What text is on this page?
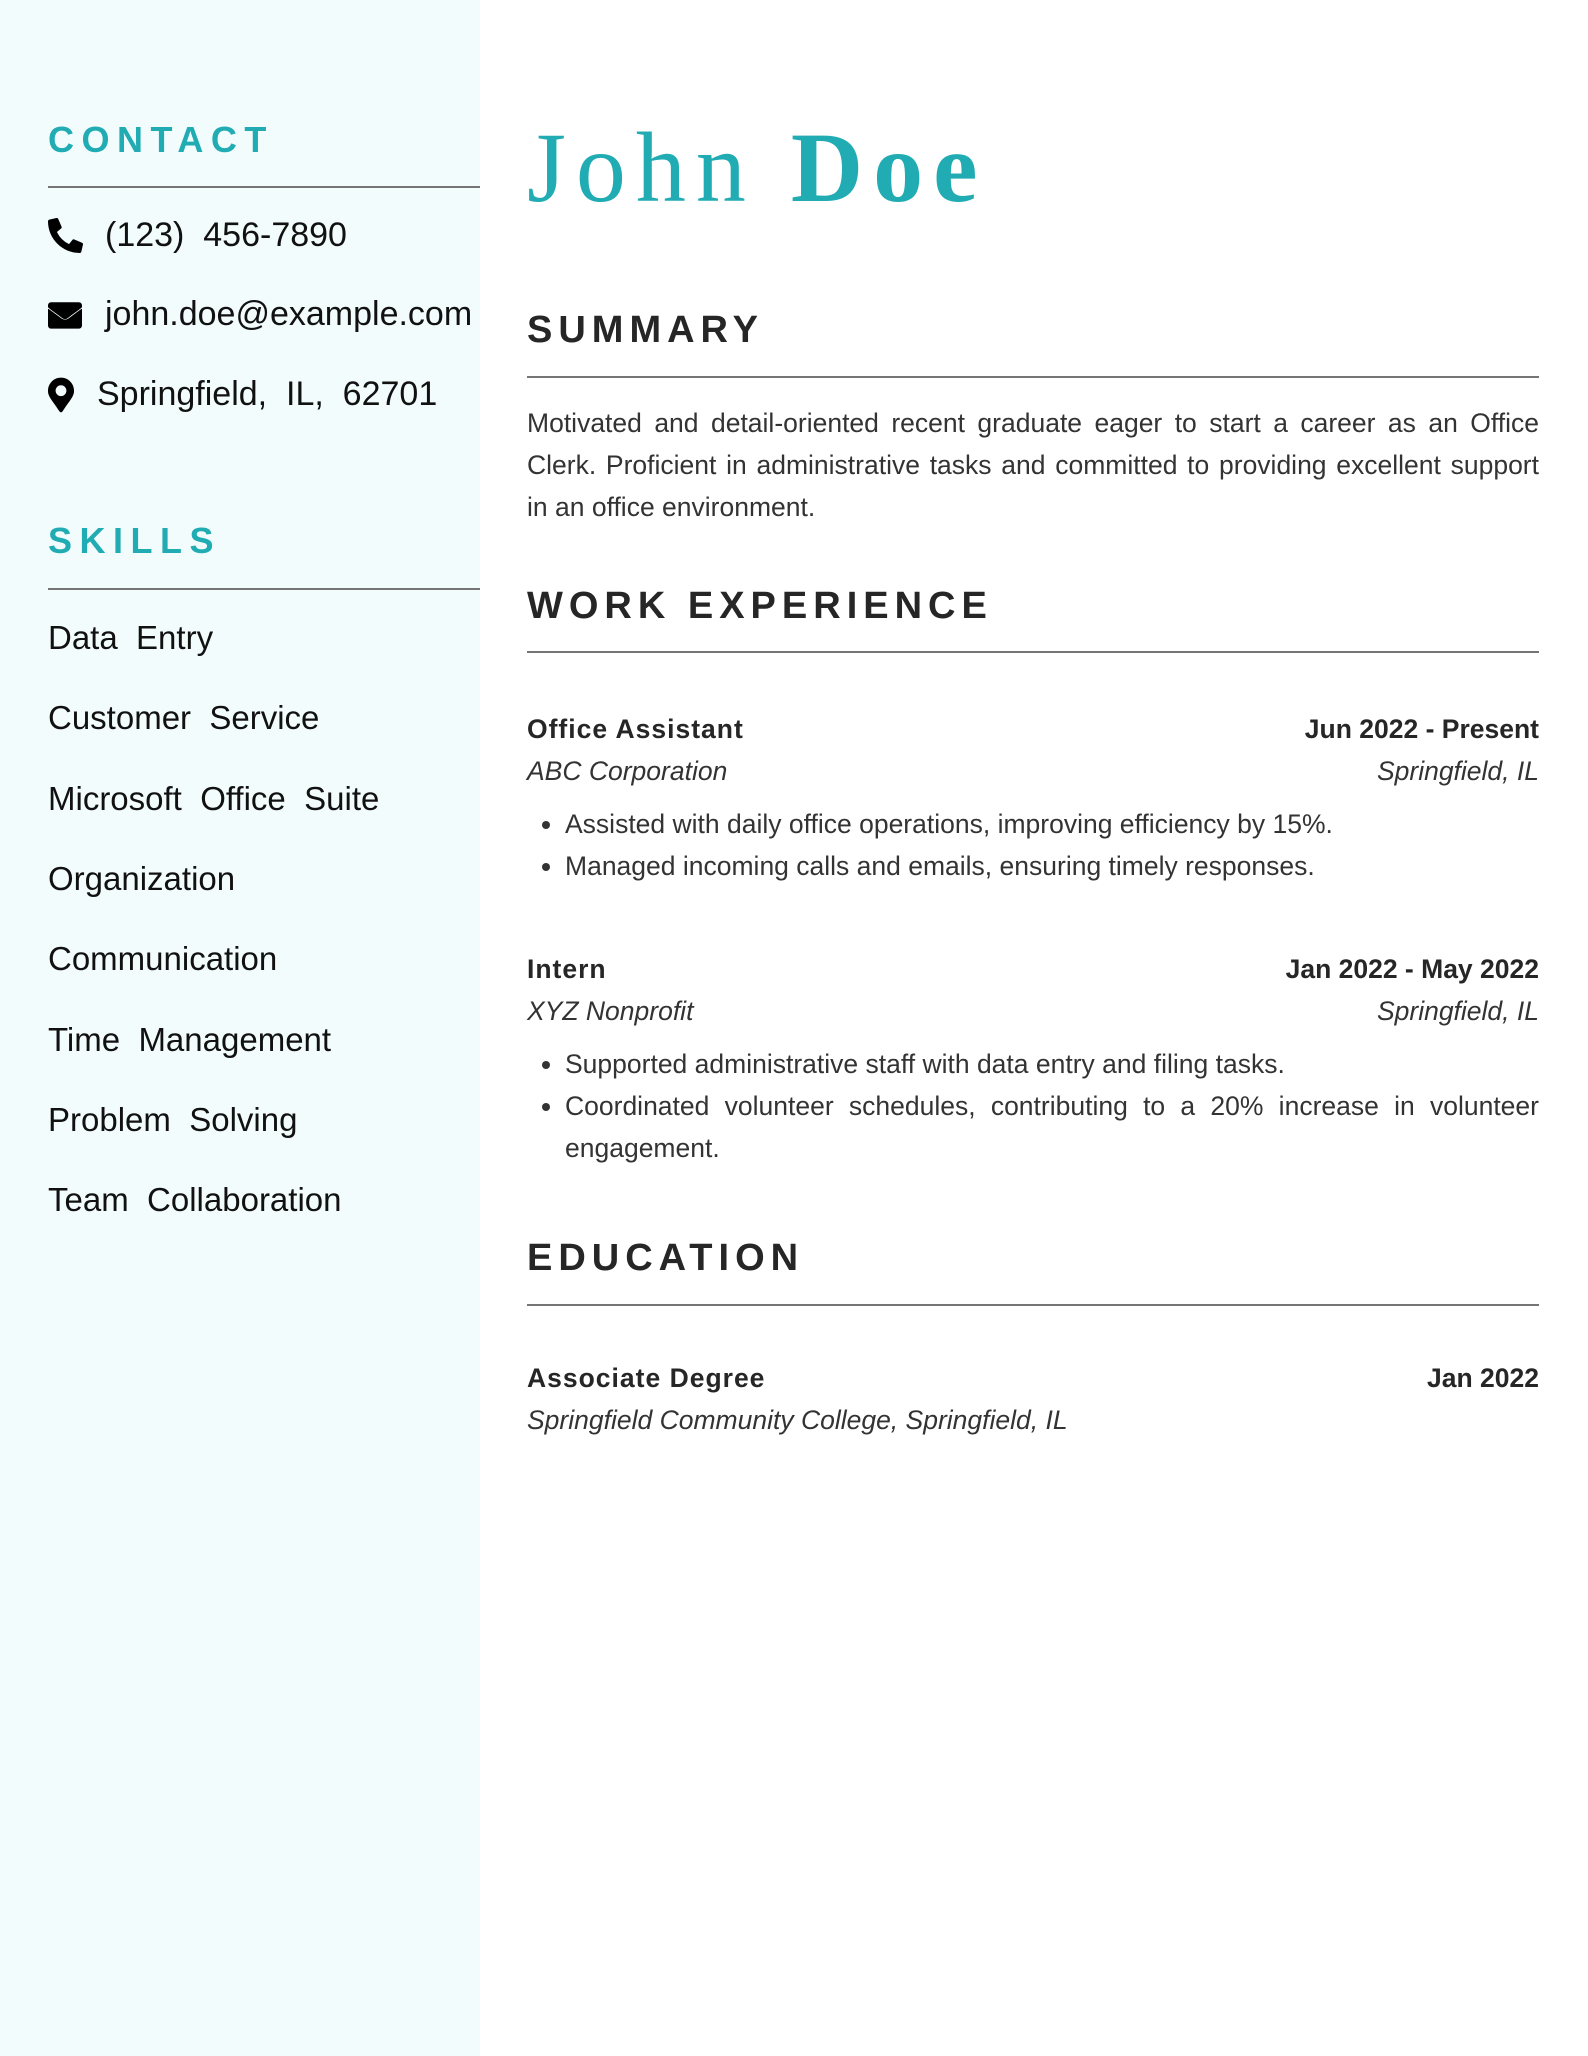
CONTACT
(123)  456-7890
john.doe@example.com
Springfield,  IL,  62701
SKILLS
Data  Entry
Customer  Service
Microsoft  Office  Suite
Organization
Communication
Time  Management
Problem  Solving
Team  Collaboration
John Doe
SUMMARY

Motivated and detail-oriented recent graduate eager to start a career as an Office Clerk. Proficient in administrative tasks and committed to providing excellent support in an office environment.

WORK EXPERIENCE
Office Assistant	Jun 2022 - Present
ABC Corporation	Springfield, IL
• Assisted with daily office operations, improving efficiency by 15%.
• Managed incoming calls and emails, ensuring timely responses.
Intern	Jan 2022 - May 2022
XYZ Nonprofit	Springfield, IL
• Supported administrative staff with data entry and filing tasks.
• Coordinated volunteer schedules, contributing to a 20% increase in volunteer engagement.
EDUCATION
Associate Degree	Jan 2022
Springfield Community College, Springfield, IL
